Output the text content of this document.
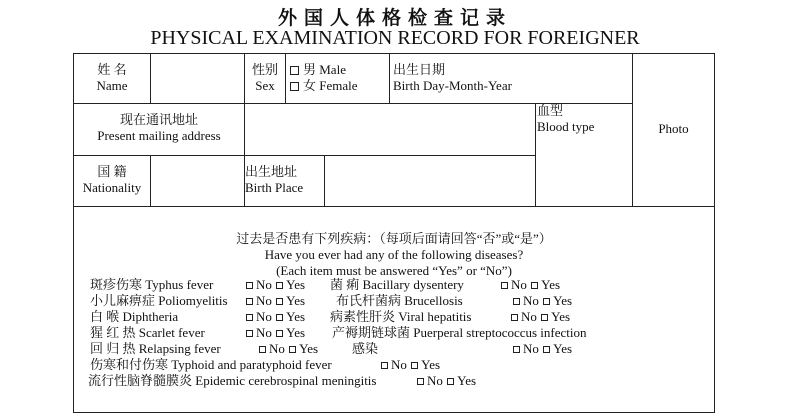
外国人体格检查记录
PHYSICAL EXAMINATION RECORD FOR FOREIGNER
姓 名
Name
性别
Sex
男 Male
女 Female
出生日期
Birth Day-Month-Year
Photo
现在通讯地址
Present mailing address
血型
Blood type
国 籍
Nationality
出生地址
Birth Place
过去是否患有下列疾病：（每项后面请回答“否”或“是”）
Have you ever had any of the following diseases?
(Each item must be answered “Yes” or “No”)
斑疹伤寒 Typhus fever	No Yes 菌 痢 Bacillary dysentery	No Yes
小儿麻痹症 Poliomyelitis	No Yes 布氏杆菌病 Brucellosis	No Yes
白 喉 Diphtheria	No Yes 病素性肝炎 Viral hepatitis	No Yes
猩 红 热 Scarlet fever	No Yes 产褥期链球菌 Puerperal streptococcus infection
回 归 热 Relapsing fever	No Yes	感染	No Yes
伤寒和付伤寒 Typhoid and paratyphoid fever	No Yes
流行性脑脊髓膜炎 Epidemic cerebrospinal meningitis	No Yes
